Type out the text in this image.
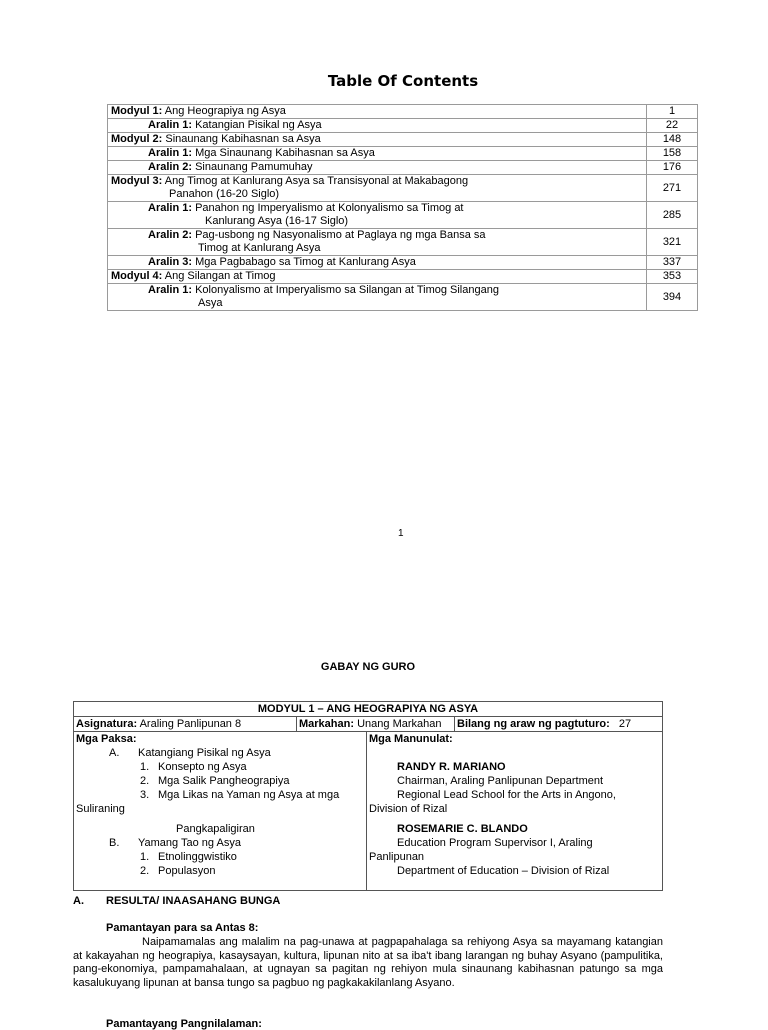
Table Of Contents
Modyul 1: Ang Heograpiya ng Asya	1
Aralin 1: Katangian Pisikal ng Asya	22
Modyul 2: Sinaunang Kabihasnan sa Asya	148
Aralin 1: Mga Sinaunang Kabihasnan sa Asya	158
Aralin 2: Sinaunang Pamumuhay	176
Modyul 3: Ang Timog at Kanlurang Asya sa Transisyonal at Makabagong
Panahon (16-20 Siglo)	271
Aralin 1: Panahon ng Imperyalismo at Kolonyalismo sa Timog at
Kanlurang Asya (16-17 Siglo)	285
Aralin 2: Pag-usbong ng Nasyonalismo at Paglaya ng mga Bansa sa
Timog at Kanlurang Asya	321
Aralin 3: Mga Pagbabago sa Timog at Kanlurang Asya	337
Modyul 4: Ang Silangan at Timog	353
Aralin 1: Kolonyalismo at Imperyalismo sa Silangan at Timog Silangang
Asya	394
1
GABAY NG GURO
MODYUL 1 – ANG HEOGRAPIYA NG ASYA

Asignatura: Araling Panlipunan 8	Markahan: Unang Markahan	Bilang ng araw ng pagtuturo: 27

Mga Paksa:
A. Katangiang Pisikal ng Asya
1. Konsepto ng Asya
2. Mga Salik Pangheograpiya
3. Mga Likas na Yaman ng Asya at mga
Suliraning
Pangkapaligiran
B. Yamang Tao ng Asya
1. Etnolinggwistiko
2. Populasyon

Mga Manunulat:
RANDY R. MARIANO
Chairman, Araling Panlipunan Department
Regional Lead School for the Arts in Angono,
Division of Rizal
ROSEMARIE C. BLANDO
Education Program Supervisor I, Araling
Panlipunan
Department of Education – Division of Rizal
A. RESULTA/ INAASAHANG BUNGA
Pamantayan para sa Antas 8:
Naipamamalas ang malalim na pag-unawa at pagpapahalaga sa rehiyong Asya sa mayamang katangian at kakayahan ng heograpiya, kasaysayan, kultura, lipunan nito at sa iba't ibang larangan ng buhay Asyano (pampulitika, pang-ekonomiya, pampamahalaan, at ugnayan sa pagitan ng rehiyon mula sinaunang kabihasnan patungo sa mga kasalukuyang lipunan at bansa tungo sa pagbuo ng pagkakakilanlang Asyano.
Pamantayang Pangnilalaman:
